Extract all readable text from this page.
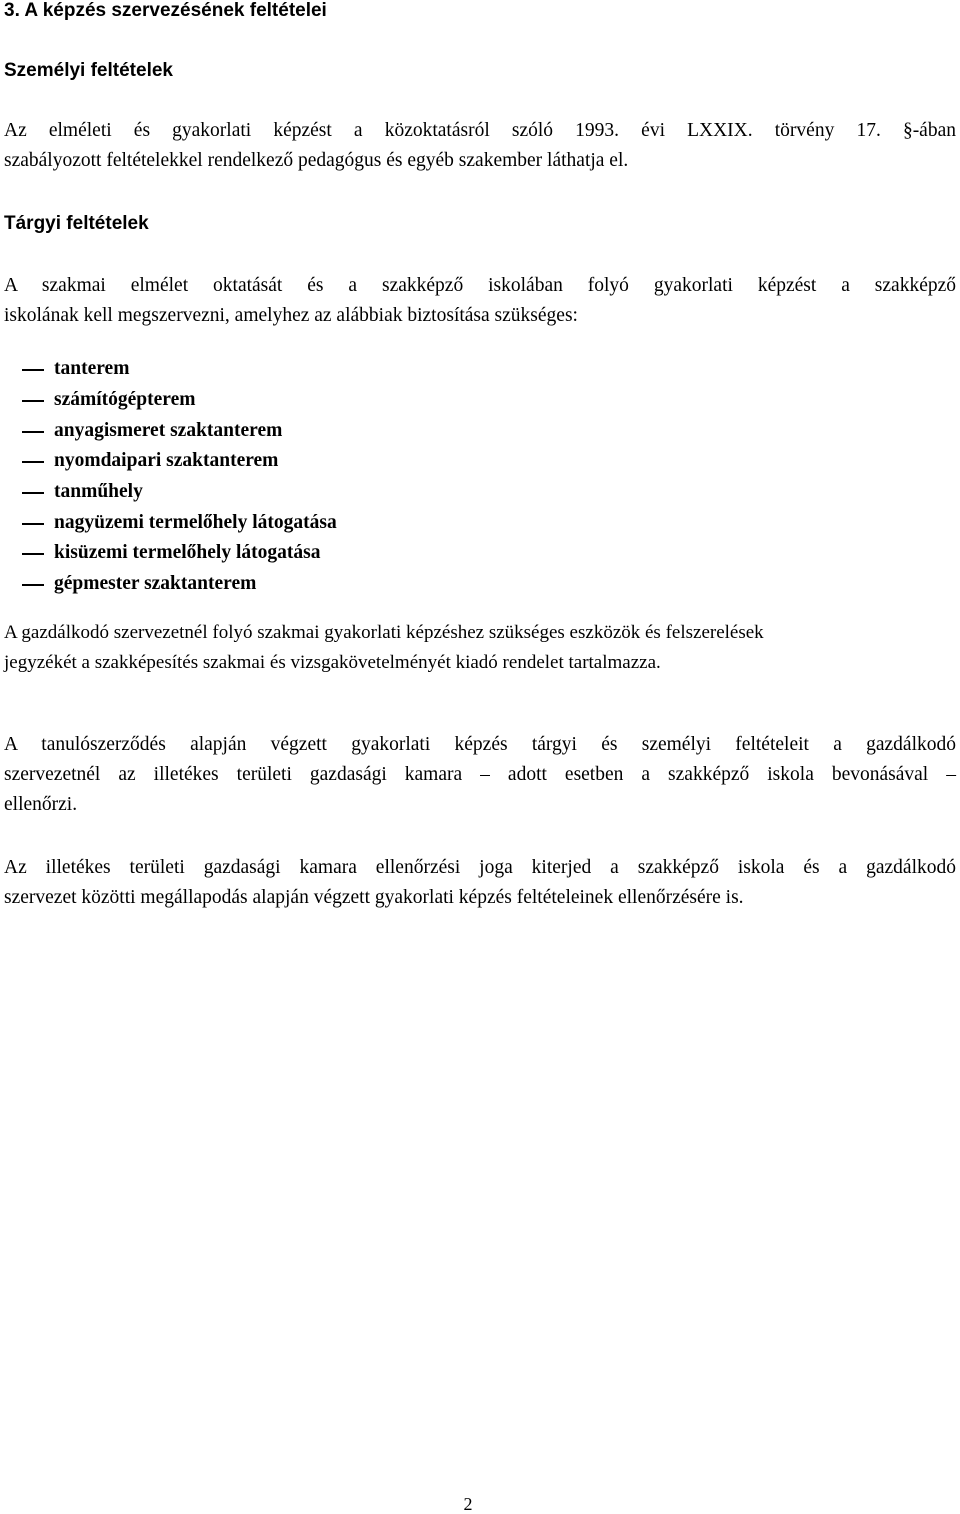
3. A képzés szervezésének feltételei
Személyi feltételek

Az elméleti és gyakorlati képzést a közoktatásról szóló 1993. évi LXXIX. törvény 17. §-ában
szabályozott feltételekkel rendelkező pedagógus és egyéb szakember láthatja el.

Tárgyi feltételek

A szakmai elmélet oktatását és a szakképző iskolában folyó gyakorlati képzést a szakképző
iskolának kell megszervezni, amelyhez az alábbiak biztosítása szükséges:

tanterem
számítógépterem
anyagismeret szaktanterem
nyomdaipari szaktanterem
tanműhely
nagyüzemi termelőhely látogatása
kisüzemi termelőhely látogatása
gépmester szaktanterem

A gazdálkodó szervezetnél folyó szakmai gyakorlati képzéshez szükséges eszközök és felszerelések
jegyzékét a szakképesítés szakmai és vizsgakövetelményét kiadó rendelet tartalmazza.

A tanulószerződés alapján végzett gyakorlati képzés tárgyi és személyi feltételeit a gazdálkodó
szervezetnél az illetékes területi gazdasági kamara – adott esetben a szakképző iskola bevonásával –
ellenőrzi.

Az illetékes területi gazdasági kamara ellenőrzési joga kiterjed a szakképző iskola és a gazdálkodó
szervezet közötti megállapodás alapján végzett gyakorlati képzés feltételeinek ellenőrzésére is.

2
